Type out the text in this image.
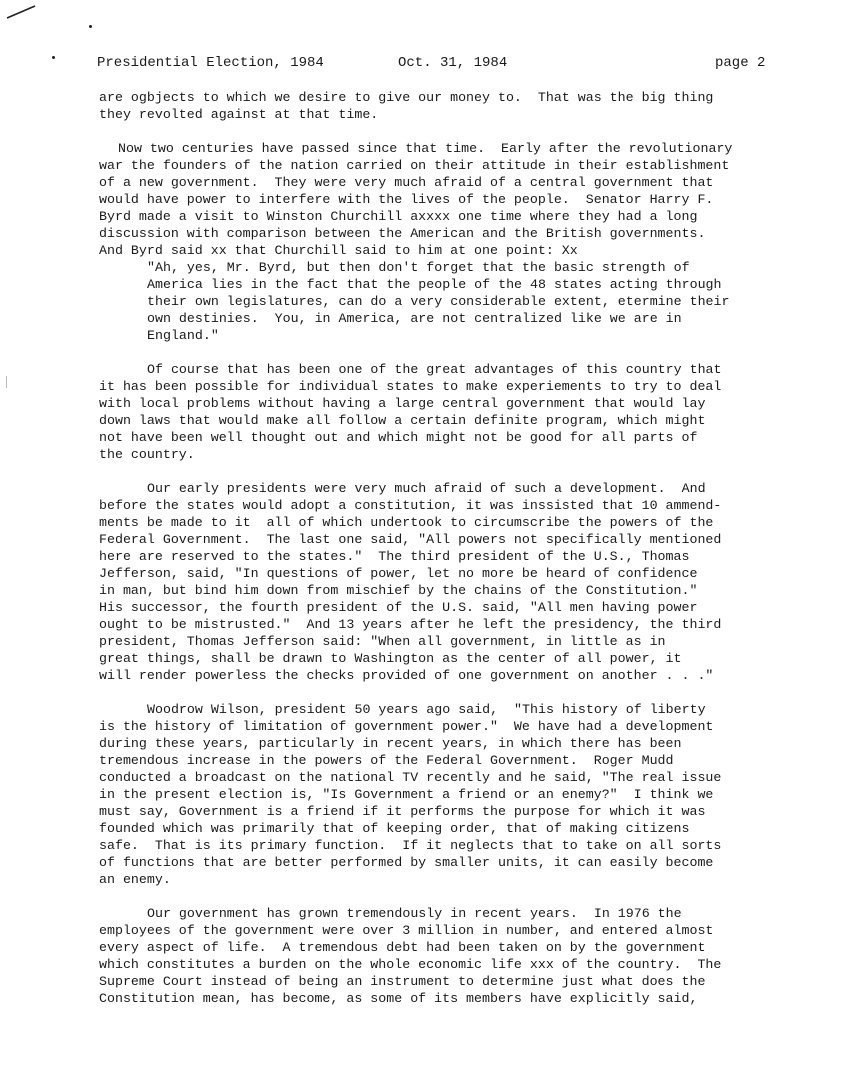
Presidential Election, 1984	Oct. 31, 1984	page 2
are ogbjects to which we desire to give our money to.  That was the big thing
they revolted against at that time.
Now two centuries have passed since that time.  Early after the revolutionary
war the founders of the nation carried on their attitude in their establishment
of a new government.  They were very much afraid of a central government that
would have power to interfere with the lives of the people.  Senator Harry F.
Byrd made a visit to Winston Churchill axxxx one time where they had a long
discussion with comparison between the American and the British governments.
And Byrd said xx that Churchill said to him at one point: Xx
"Ah, yes, Mr. Byrd, but then don't forget that the basic strength of
America lies in the fact that the people of the 48 states acting through
their own legislatures, can do a very considerable extent, etermine their
own destinies.  You, in America, are not centralized like we are in
England."
Of course that has been one of the great advantages of this country that
it has been possible for individual states to make experiements to try to deal
with local problems without having a large central government that would lay
down laws that would make all follow a certain definite program, which might
not have been well thought out and which might not be good for all parts of
the country.
Our early presidents were very much afraid of such a development.  And
before the states would adopt a constitution, it was inssisted that 10 ammend-
ments be made to it  all of which undertook to circumscribe the powers of the
Federal Government.  The last one said, "All powers not specifically mentioned
here are reserved to the states."  The third president of the U.S., Thomas
Jefferson, said, "In questions of power, let no more be heard of confidence
in man, but bind him down from mischief by the chains of the Constitution."
His successor, the fourth president of the U.S. said, "All men having power
ought to be mistrusted."  And 13 years after he left the presidency, the third
president, Thomas Jefferson said: "When all government, in little as in
great things, shall be drawn to Washington as the center of all power, it
will render powerless the checks provided of one government on another . . ."
Woodrow Wilson, president 50 years ago said,  "This history of liberty
is the history of limitation of government power."  We have had a development
during these years, particularly in recent years, in which there has been
tremendous increase in the powers of the Federal Government.  Roger Mudd
conducted a broadcast on the national TV recently and he said, "The real issue
in the present election is, "Is Government a friend or an enemy?"  I think we
must say, Government is a friend if it performs the purpose for which it was
founded which was primarily that of keeping order, that of making citizens
safe.  That is its primary function.  If it neglects that to take on all sorts
of functions that are better performed by smaller units, it can easily become
an enemy.
Our government has grown tremendously in recent years.  In 1976 the
employees of the government were over 3 million in number, and entered almost
every aspect of life.  A tremendous debt had been taken on by the government
which constitutes a burden on the whole economic life xxx of the country.  The
Supreme Court instead of being an instrument to determine just what does the
Constitution mean, has become, as some of its members have explicitly said,
